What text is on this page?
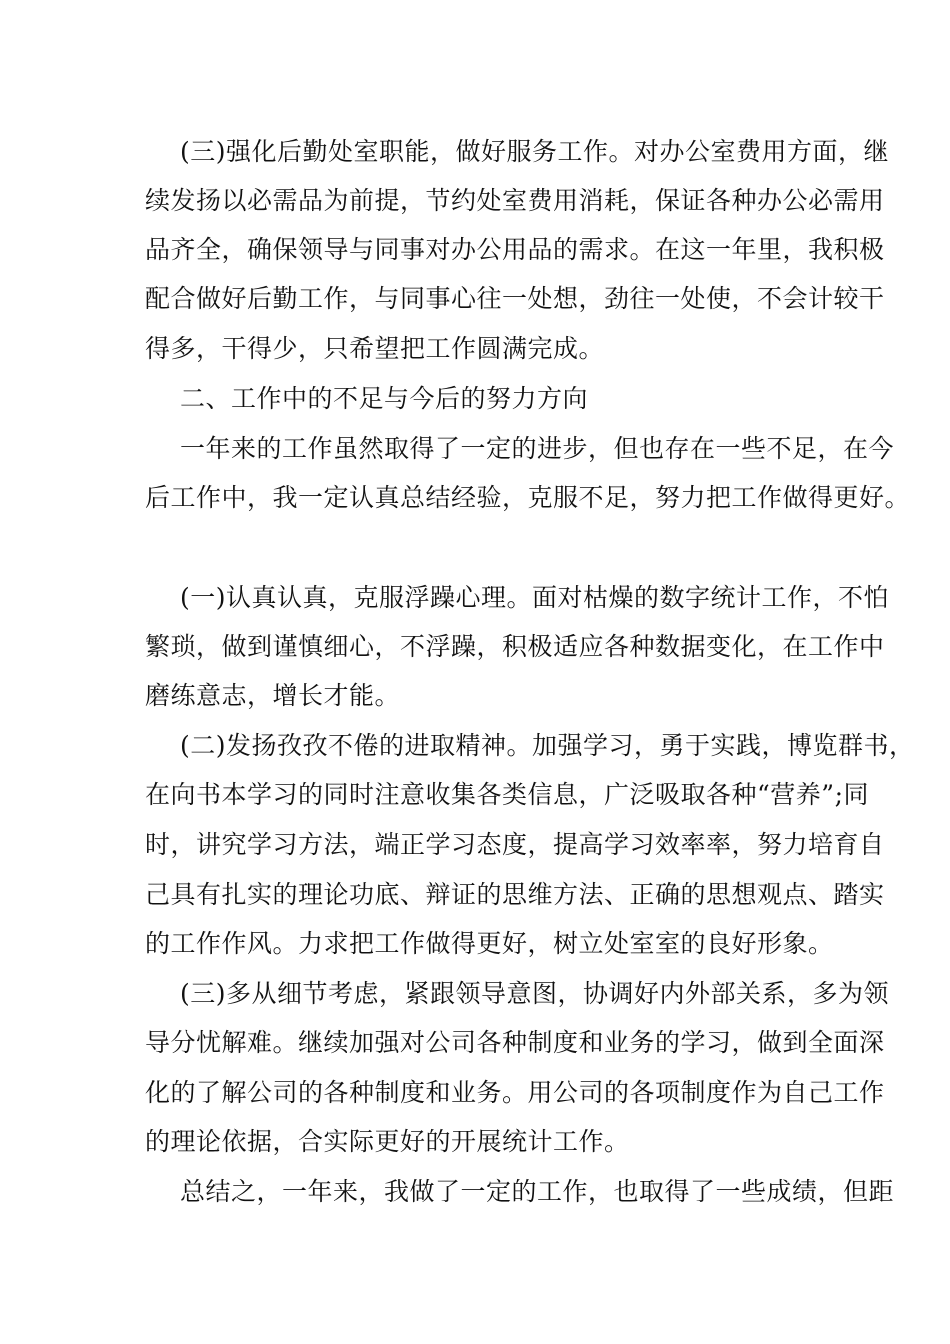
(三)强化后勤处室职能，做好服务工作。对办公室费用方面，继
续发扬以必需品为前提，节约处室费用消耗，保证各种办公必需用
品齐全，确保领导与同事对办公用品的需求。在这一年里，我积极
配合做好后勤工作，与同事心往一处想，劲往一处使，不会计较干
得多，干得少，只希望把工作圆满完成。
二、工作中的不足与今后的努力方向
一年来的工作虽然取得了一定的进步，但也存在一些不足，在今
后工作中，我一定认真总结经验，克服不足，努力把工作做得更好。
(一)认真认真，克服浮躁心理。面对枯燥的数字统计工作，不怕
繁琐，做到谨慎细心，不浮躁，积极适应各种数据变化，在工作中
磨练意志，增长才能。
(二)发扬孜孜不倦的进取精神。加强学习，勇于实践，博览群书，
在向书本学习的同时注意收集各类信息，广泛吸取各种“营养”;同
时，讲究学习方法，端正学习态度，提高学习效率率，努力培育自
己具有扎实的理论功底、辩证的思维方法、正确的思想观点、踏实
的工作作风。力求把工作做得更好，树立处室室的良好形象。
(三)多从细节考虑，紧跟领导意图，协调好内外部关系，多为领
导分忧解难。继续加强对公司各种制度和业务的学习，做到全面深
化的了解公司的各种制度和业务。用公司的各项制度作为自己工作
的理论依据，合实际更好的开展统计工作。
总结之，一年来，我做了一定的工作，也取得了一些成绩，但距
